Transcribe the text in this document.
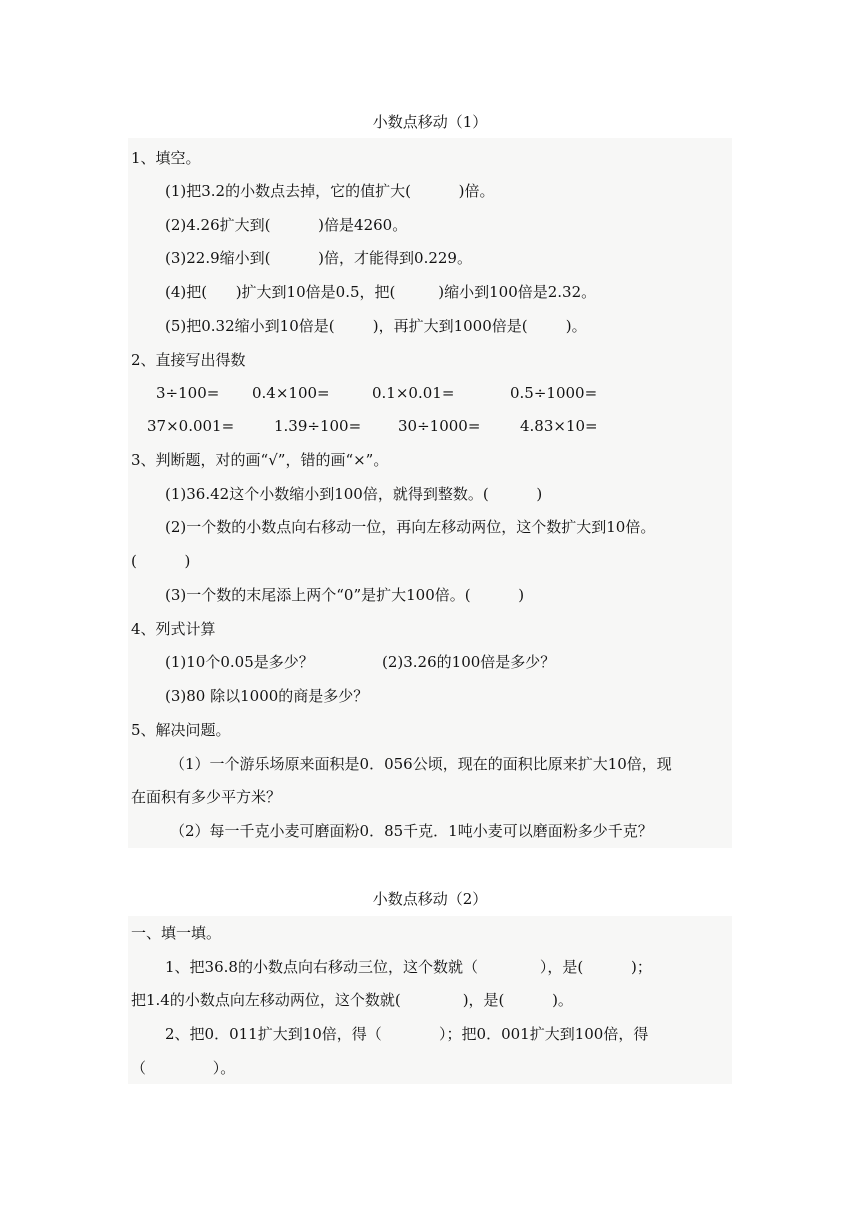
小数点移动（1）
1、填空。
(1)把3.2的小数点去掉，它的值扩大(          )倍。
(2)4.26扩大到(          )倍是4260。
(3)22.9缩小到(          )倍，才能得到0.229。
(4)把(      )扩大到10倍是0.5，把(         )缩小到100倍是2.32。
(5)把0.32缩小到10倍是(        )，再扩大到1000倍是(        )。
2、直接写出得数
3÷100= 0.4×100=	0.1×0.01=	0.5÷1000=
37×0.001=	1.39÷100= 30÷1000=	4.83×10=
3、判断题，对的画“√”，错的画“×”。
(1)36.42这个小数缩小到100倍，就得到整数。(          )
(2)一个数的小数点向右移动一位，再向左移动两位，这个数扩大到10倍。
(          )
(3)一个数的末尾添上两个“0”是扩大100倍。(          )
4、列式计算
(1)10个0.05是多少？	(2)3.26的100倍是多少？
(3)80 除以1000的商是多少？
5、解决问题。
（1）一个游乐场原来面积是0．056公顷，现在的面积比原来扩大10倍，现
在面积有多少平方米？
（2）每一千克小麦可磨面粉0．85千克．1吨小麦可以磨面粉多少千克？
小数点移动（2）
一、填一填。
1、把36.8的小数点向右移动三位，这个数就（             ），是(          )；
把1.4的小数点向左移动两位，这个数就(             )，是(          )。
2、把0．011扩大到10倍，得（            ）；把0．001扩大到100倍，得
（              ）。
